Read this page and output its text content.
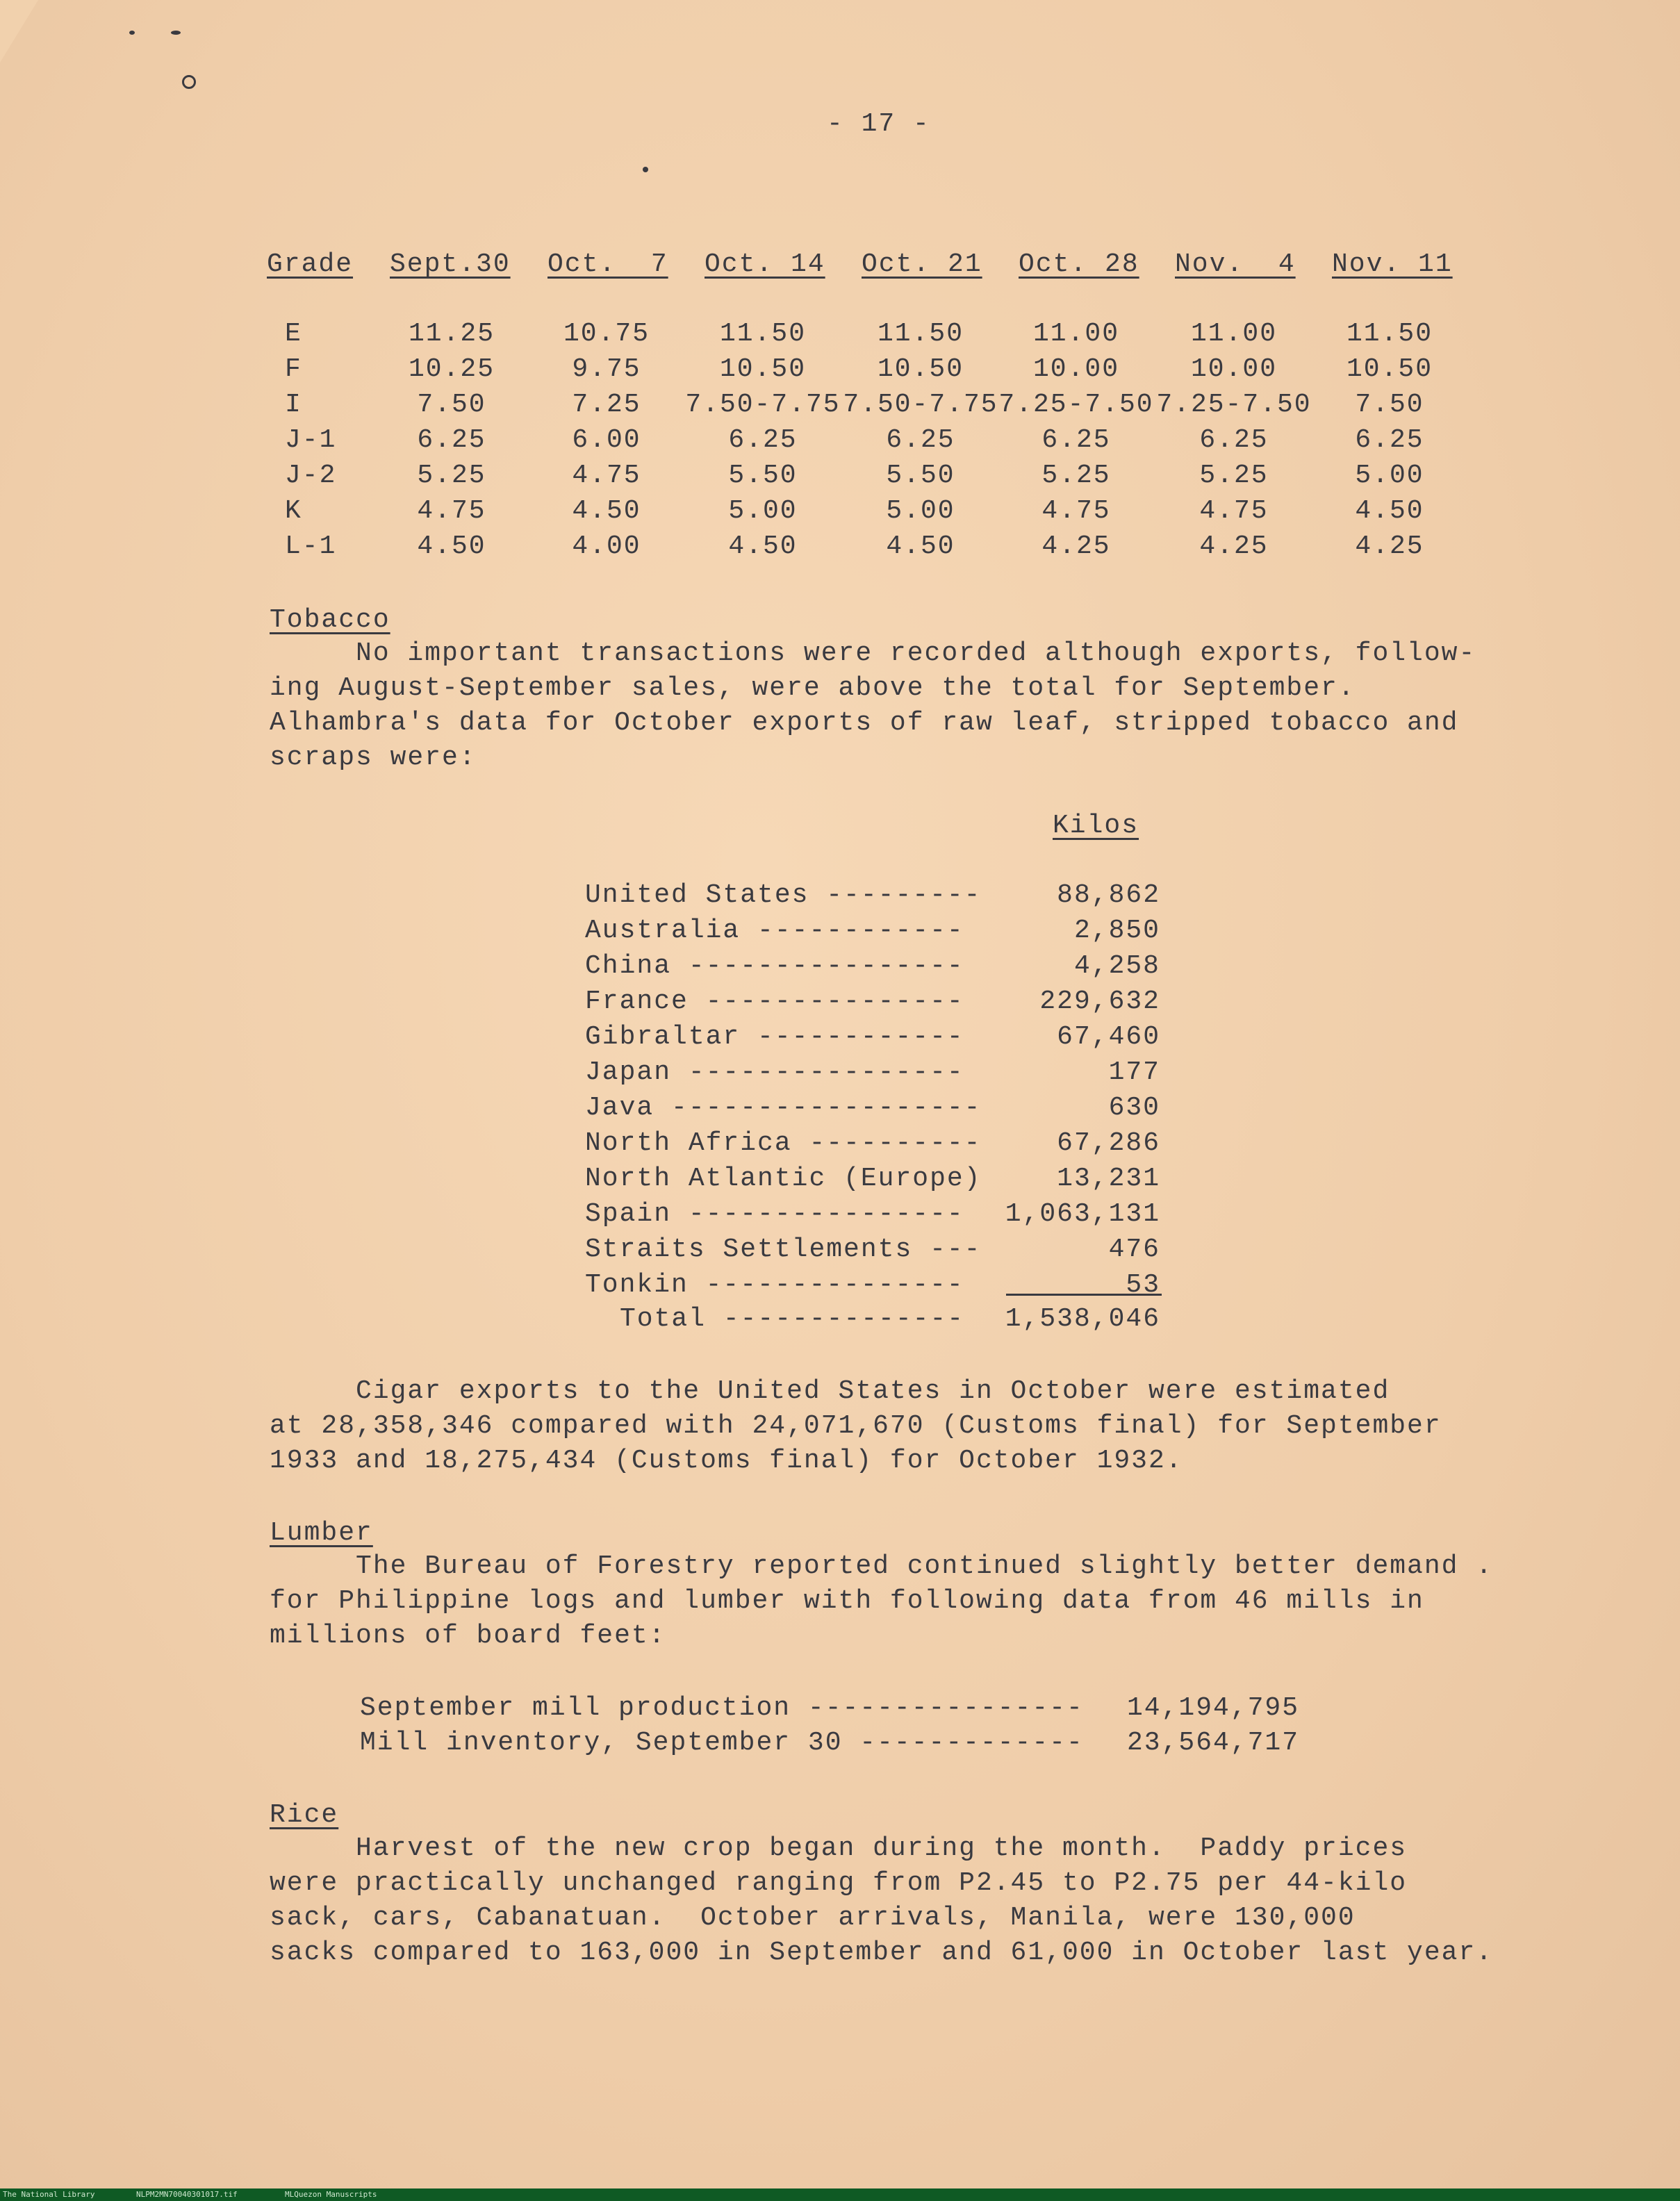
- 17 -
Grade Sept.30 Oct.  7 Oct. 14 Oct. 21 Oct. 28 Nov.  4 Nov. 11
E	11.25	10.75	11.50	11.50	11.00	11.00	11.50
F	10.25	9.75	10.50	10.50	10.00	10.00	10.50
I	7.50	7.25	7.50-7.75 7.50-7.75 7.25-7.50 7.25-7.50	7.50
J-1	6.25	6.00	6.25	6.25	6.25	6.25	6.25
J-2	5.25	4.75	5.50	5.50	5.25	5.25	5.00
K	4.75	4.50	5.00	5.00	4.75	4.75	4.50
L-1	4.50	4.00	4.50	4.50	4.25	4.25	4.25
Tobacco
No important transactions were recorded although exports, follow-
ing August-September sales, were above the total for September.
Alhambra's data for October exports of raw leaf, stripped tobacco and
scraps were:
Kilos
United States ---------	88,862
Australia ------------	2,850
China ----------------	4,258
France ---------------	229,632
Gibraltar ------------	67,460
Japan ----------------	177
Java ------------------	630
North Africa ----------	67,286
North Atlantic (Europe)	13,231
Spain ----------------	1,063,131
Straits Settlements ---	476
Tonkin ---------------	53
Total --------------	1,538,046
Cigar exports to the United States in October were estimated
at 28,358,346 compared with 24,071,670 (Customs final) for September
1933 and 18,275,434 (Customs final) for October 1932.
Lumber
The Bureau of Forestry reported continued slightly better demand .
for Philippine logs and lumber with following data from 46 mills in
millions of board feet:
September mill production ---------------- 14,194,795
Mill inventory, September 30 ------------- 23,564,717
Rice
Harvest of the new crop began during the month.  Paddy prices
were practically unchanged ranging from P2.45 to P2.75 per 44-kilo
sack, cars, Cabanatuan.  October arrivals, Manila, were 130,000
sacks compared to 163,000 in September and 61,000 in October last year.
The National Library	NLPM2MN70040301017.tif	MLQuezon Manuscripts
